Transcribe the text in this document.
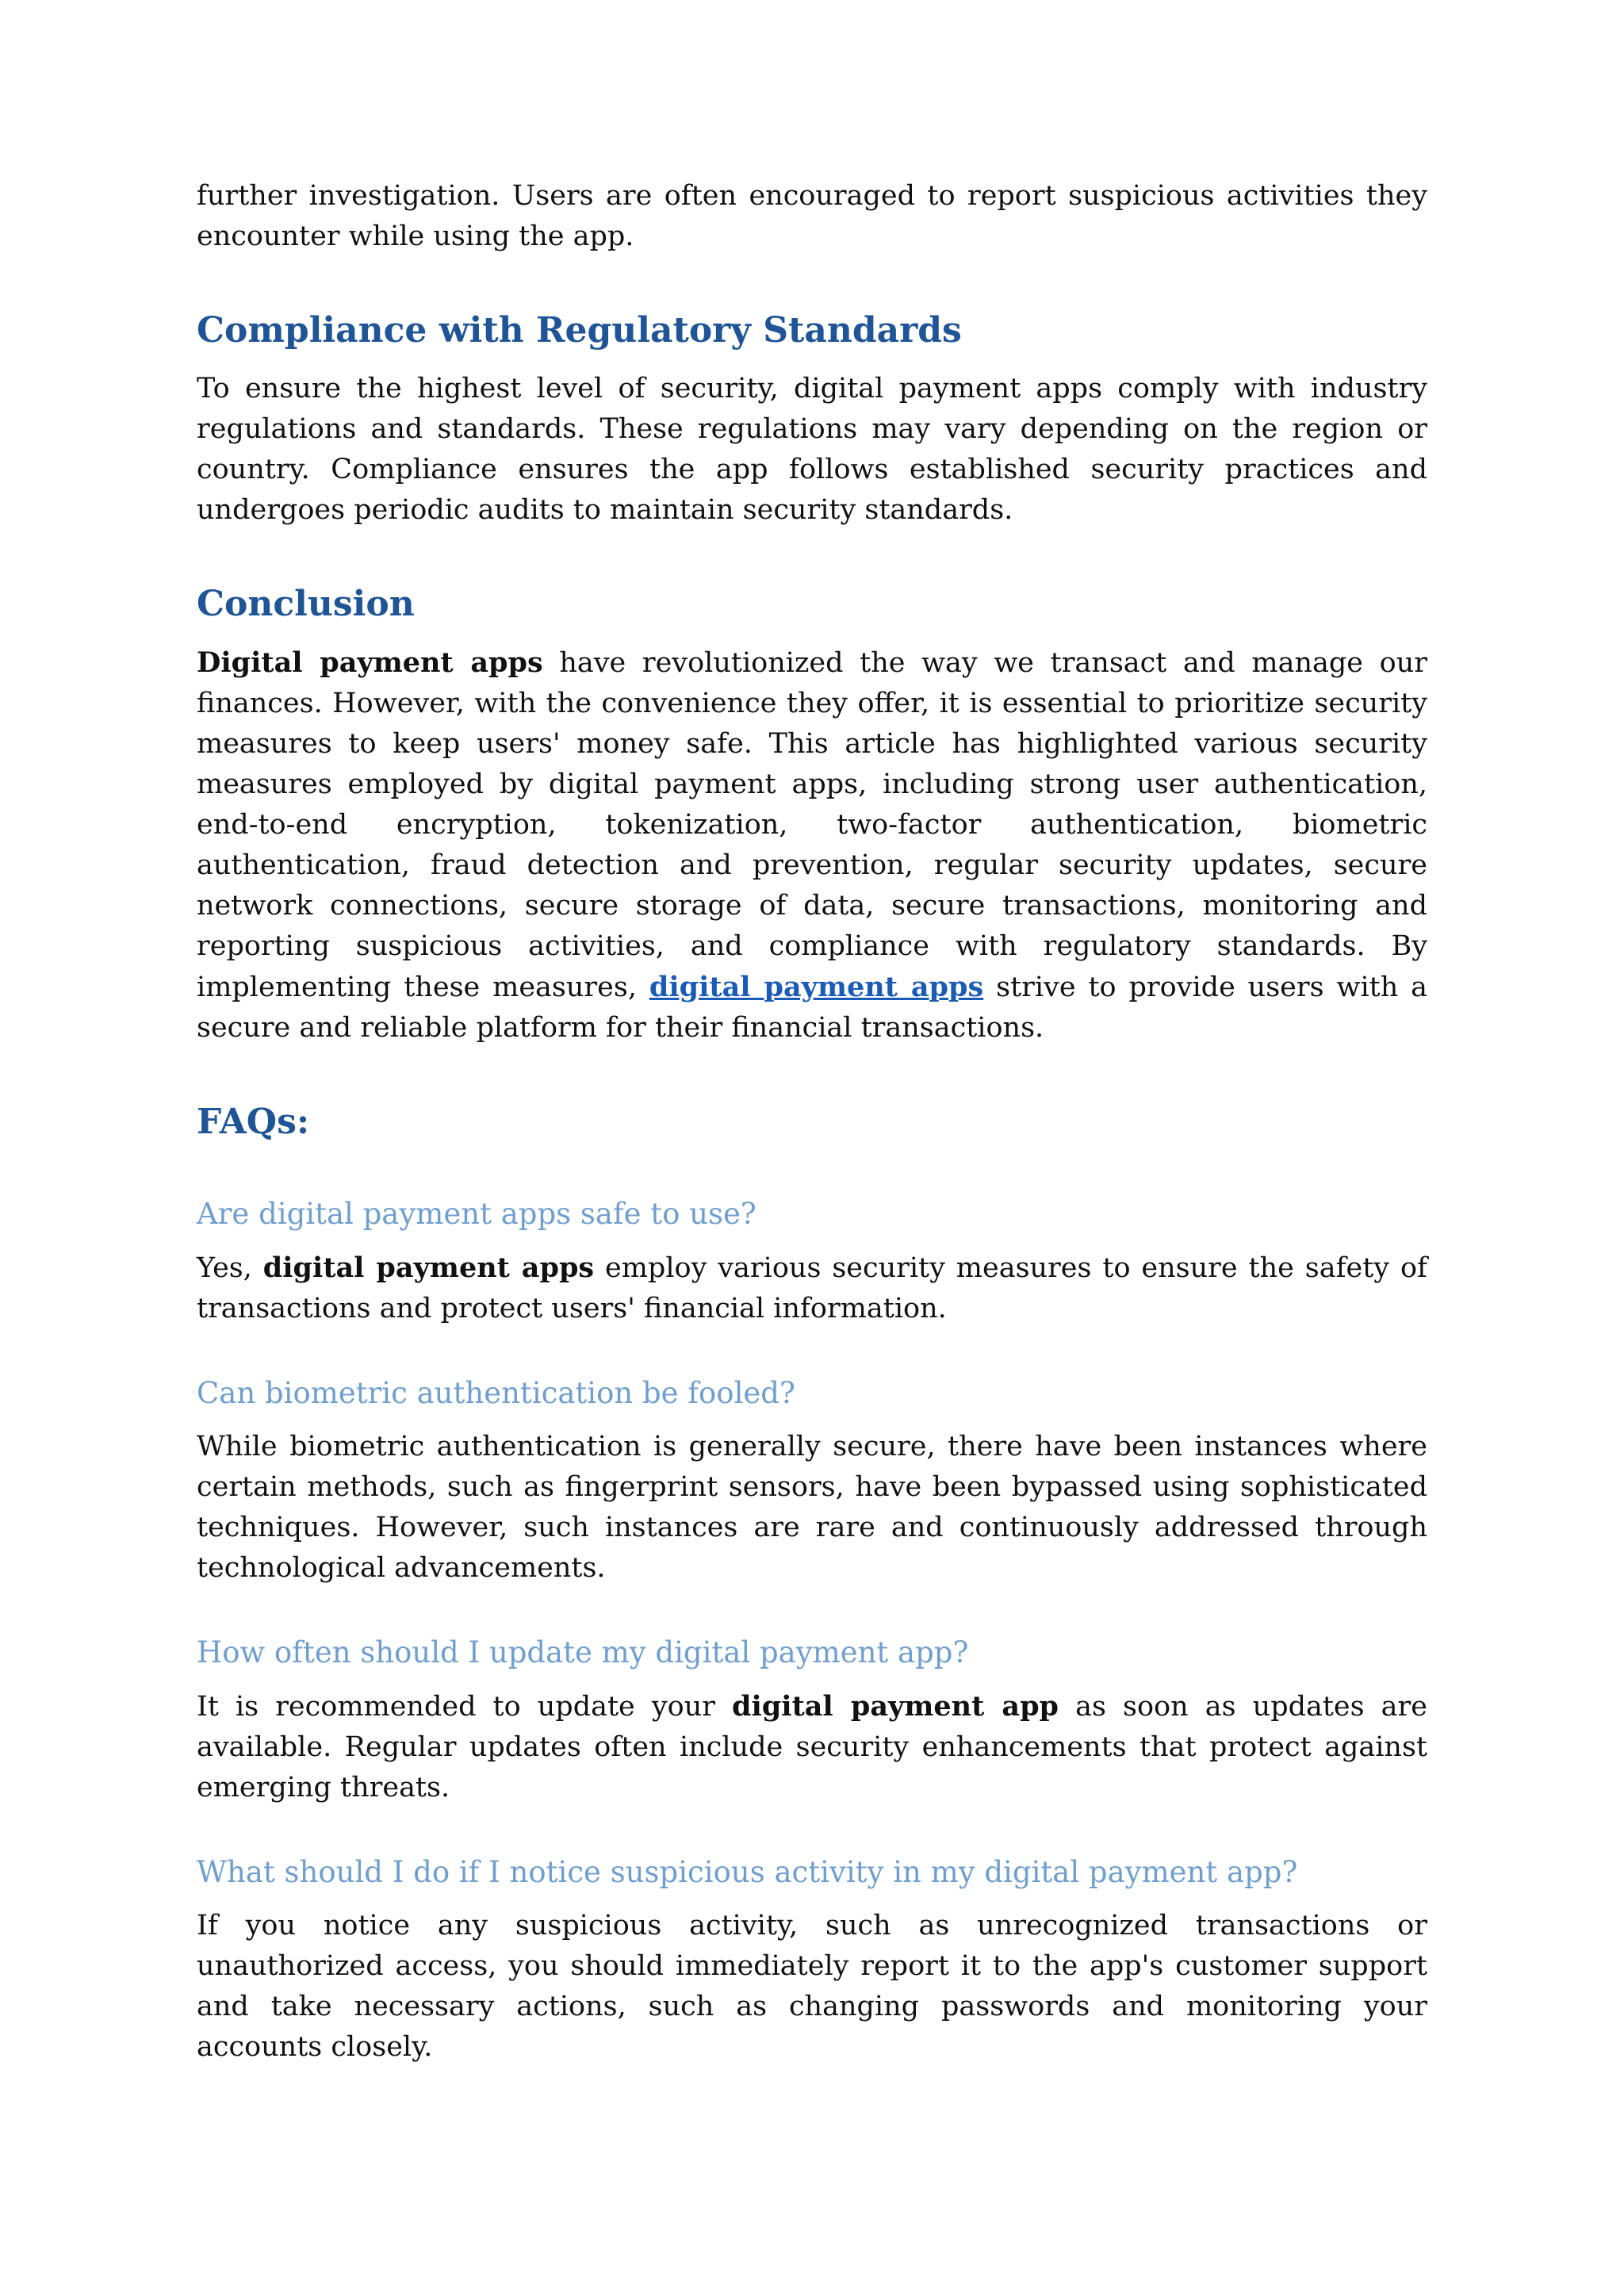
further investigation. Users are often encouraged to report suspicious activities they encounter while using the app.

Compliance with Regulatory Standards

To ensure the highest level of security, digital payment apps comply with industry regulations and standards. These regulations may vary depending on the region or country. Compliance ensures the app follows established security practices and undergoes periodic audits to maintain security standards.

Conclusion

Digital payment apps have revolutionized the way we transact and manage our finances. However, with the convenience they offer, it is essential to prioritize security measures to keep users' money safe. This article has highlighted various security measures employed by digital payment apps, including strong user authentication, end-to-end encryption, tokenization, two-factor authentication, biometric authentication, fraud detection and prevention, regular security updates, secure network connections, secure storage of data, secure transactions, monitoring and reporting suspicious activities, and compliance with regulatory standards. By implementing these measures, digital payment apps strive to provide users with a secure and reliable platform for their financial transactions.

FAQs:
Are digital payment apps safe to use?

Yes, digital payment apps employ various security measures to ensure the safety of transactions and protect users' financial information.

Can biometric authentication be fooled?

While biometric authentication is generally secure, there have been instances where certain methods, such as fingerprint sensors, have been bypassed using sophisticated techniques. However, such instances are rare and continuously addressed through technological advancements.

How often should I update my digital payment app?

It is recommended to update your digital payment app as soon as updates are available. Regular updates often include security enhancements that protect against emerging threats.

What should I do if I notice suspicious activity in my digital payment app?

If you notice any suspicious activity, such as unrecognized transactions or unauthorized access, you should immediately report it to the app's customer support and take necessary actions, such as changing passwords and monitoring your accounts closely.
